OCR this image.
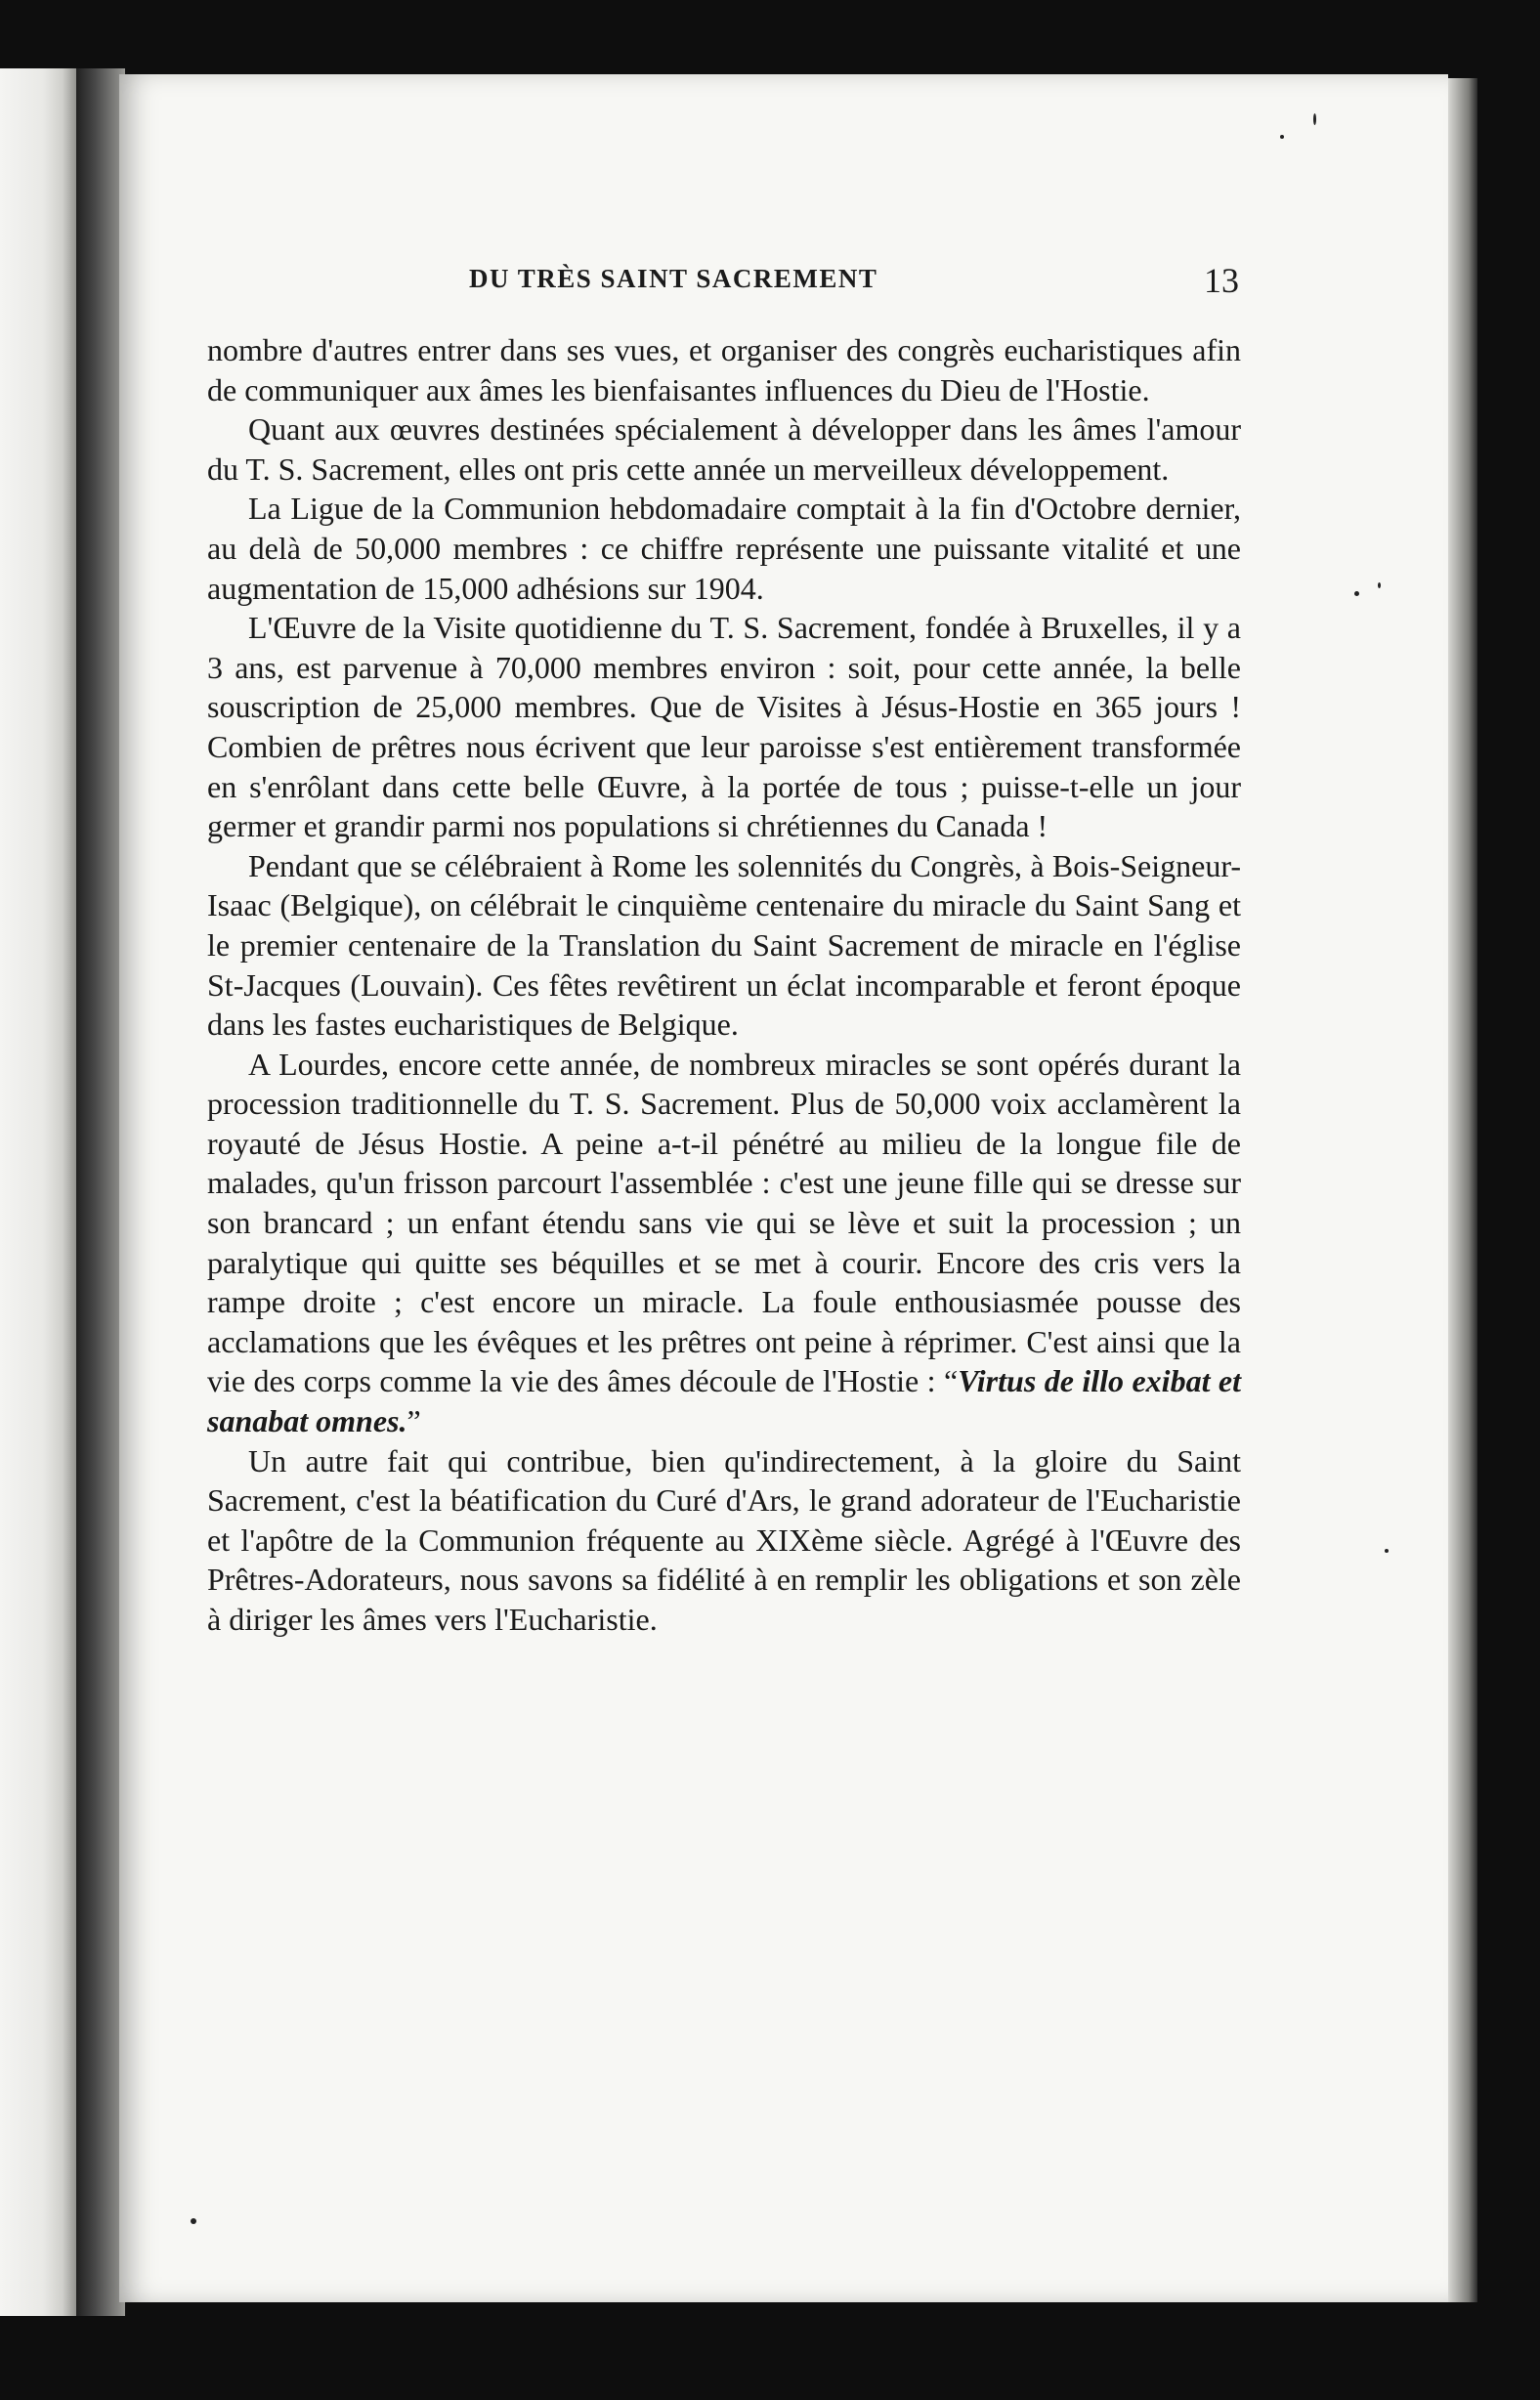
DU TRÈS SAINT SACREMENT	13

nombre d'autres entrer dans ses vues, et organiser des congrès eucharistiques afin de communiquer aux âmes les bienfaisantes influences du Dieu de l'Hostie.

Quant aux œuvres destinées spécialement à développer dans les âmes l'amour du T. S. Sacrement, elles ont pris cette année un merveilleux développement.

La Ligue de la Communion hebdomadaire comptait à la fin d'Octobre dernier, au delà de 50,000 membres : ce chiffre représente une puissante vitalité et une augmentation de 15,000 adhésions sur 1904.

L'Œuvre de la Visite quotidienne du T. S. Sacrement, fondée à Bruxelles, il y a 3 ans, est parvenue à 70,000 membres environ : soit, pour cette année, la belle souscription de 25,000 membres. Que de Visites à Jésus-Hostie en 365 jours ! Combien de prêtres nous écrivent que leur paroisse s'est entièrement transformée en s'enrôlant dans cette belle Œuvre, à la portée de tous ; puisse-t-elle un jour germer et grandir parmi nos populations si chrétiennes du Canada !

Pendant que se célébraient à Rome les solennités du Congrès, à Bois-Seigneur-Isaac (Belgique), on célébrait le cinquième centenaire du miracle du Saint Sang et le premier centenaire de la Translation du Saint Sacrement de miracle en l'église St-Jacques (Louvain). Ces fêtes revêtirent un éclat incomparable et feront époque dans les fastes eucharistiques de Belgique.

A Lourdes, encore cette année, de nombreux miracles se sont opérés durant la procession traditionnelle du T. S. Sacrement. Plus de 50,000 voix acclamèrent la royauté de Jésus Hostie. A peine a-t-il pénétré au milieu de la longue file de malades, qu'un frisson parcourt l'assemblée : c'est une jeune fille qui se dresse sur son brancard ; un enfant étendu sans vie qui se lève et suit la procession ; un paralytique qui quitte ses béquilles et se met à courir. Encore des cris vers la rampe droite ; c'est encore un miracle. La foule enthousiasmée pousse des acclamations que les évêques et les prêtres ont peine à réprimer. C'est ainsi que la vie des corps comme la vie des âmes découle de l'Hostie : “Virtus de illo exibat et sanabat omnes.”

Un autre fait qui contribue, bien qu'indirectement, à la gloire du Saint Sacrement, c'est la béatification du Curé d'Ars, le grand adorateur de l'Eucharistie et l'apôtre de la Communion fréquente au XIXème siècle. Agrégé à l'Œuvre des Prêtres-Adorateurs, nous savons sa fidélité à en remplir les obligations et son zèle à diriger les âmes vers l'Eucharistie.
